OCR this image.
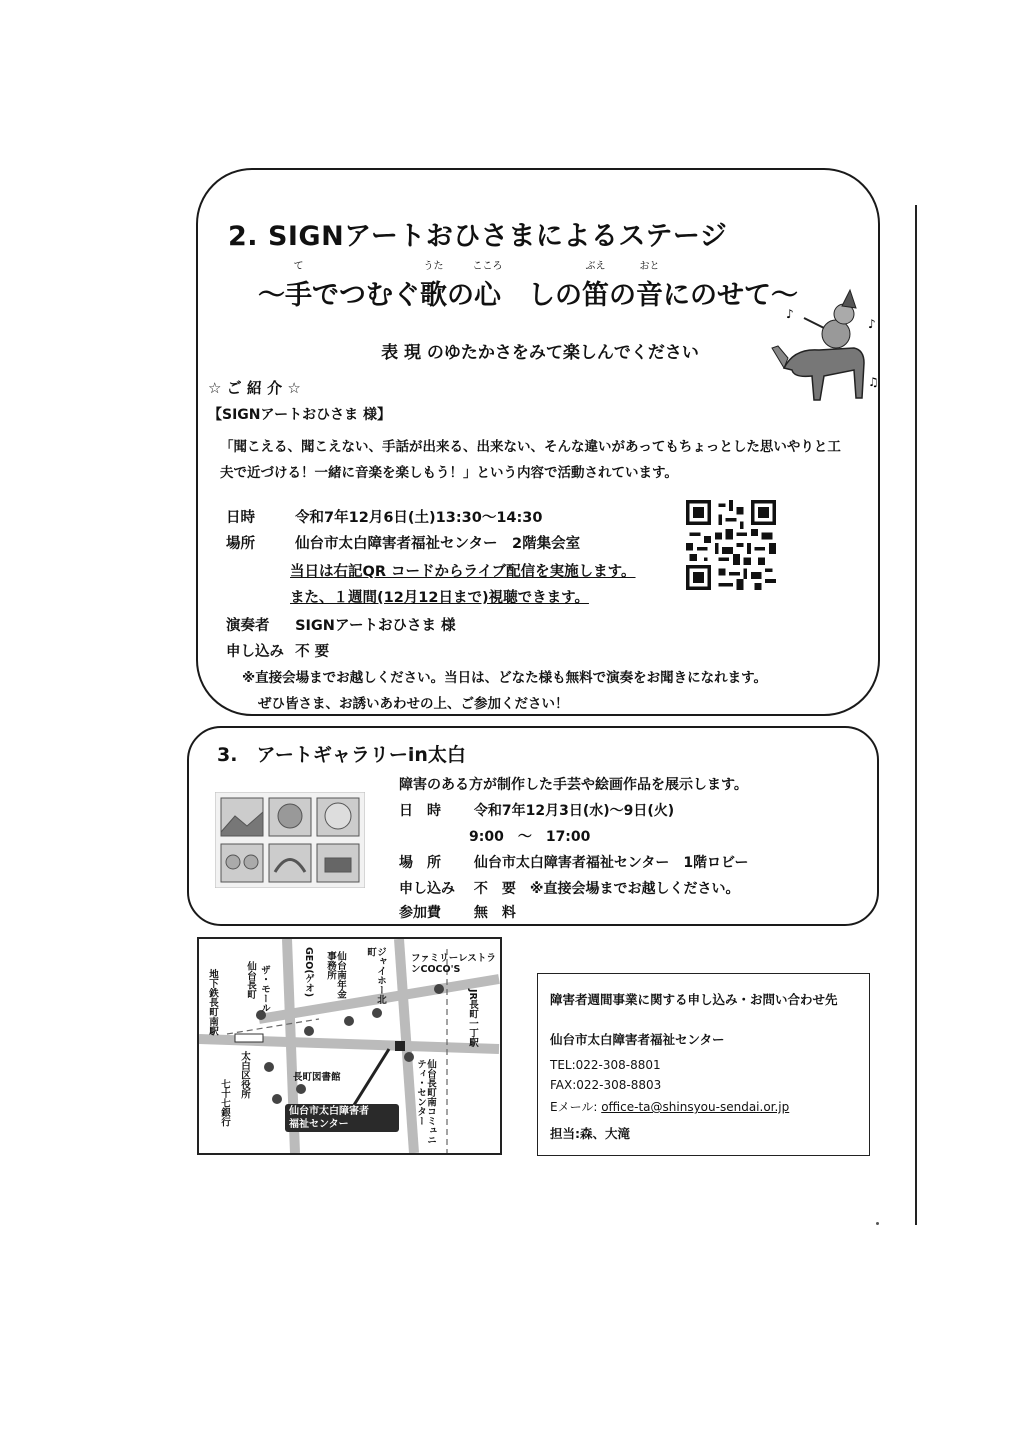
2. SIGNアートおひさまによるステージ
～手
て
でつむぐ歌
うた
の心
こころ
　しの笛
ぶえ
の音
おと
にのせて～
表 現 のゆたかさをみて楽しんでください
♪
♪
♫
☆ ご 紹 介 ☆
【SIGNアートおひさま 様】
「聞こえる、聞こえない、手話が出来る、出来ない、そんな違いがあってもちょっとした思いやりと工夫で近づける！一緒に音楽を楽しもう！」という内容で活動されています。
日時	令和7年12月6日(土)13:30～14:30
場所	仙台市太白障害者福祉センター　2階集会室
当日は右記QR コードからライブ配信を実施します。
また、１週間(12月12日まで)視聴できます。
演奏者 SIGNアートおひさま 様
申し込み 不 要
※直接会場までお越しください。当日は、どなた様も無料で演奏をお聞きになれます。
ぜひ皆さま、お誘いあわせの上、ご参加ください！
3.　アートギャラリーin太白
障害のある方が制作した手芸や絵画作品を展示します。
日　時 令和7年12月3日(水)～9日(火)
9:00　～　17:00
場　所 仙台市太白障害者福祉センター　1階ロビー
申し込み 不　要　※直接会場までお越しください。
参加費 無　料
地下鉄長町南駅	仙台長町 ザ・モール	GEO(ゲオ)	仙台南年金事務所	ジャイホー北町
ファミリーレストランCOCO'S
JR長町一丁駅
太白区役所
七十七銀行
長町図書館	仙台長町南コミュニティ・センター
仙台市太白障害者
福祉センター
障害者週間事業に関する申し込み・お問い合わせ先
仙台市太白障害者福祉センター
TEL:022-308-8801
FAX:022-308-8803
Eメール: office-ta@shinsyou-sendai.or.jp
担当:森、大滝
